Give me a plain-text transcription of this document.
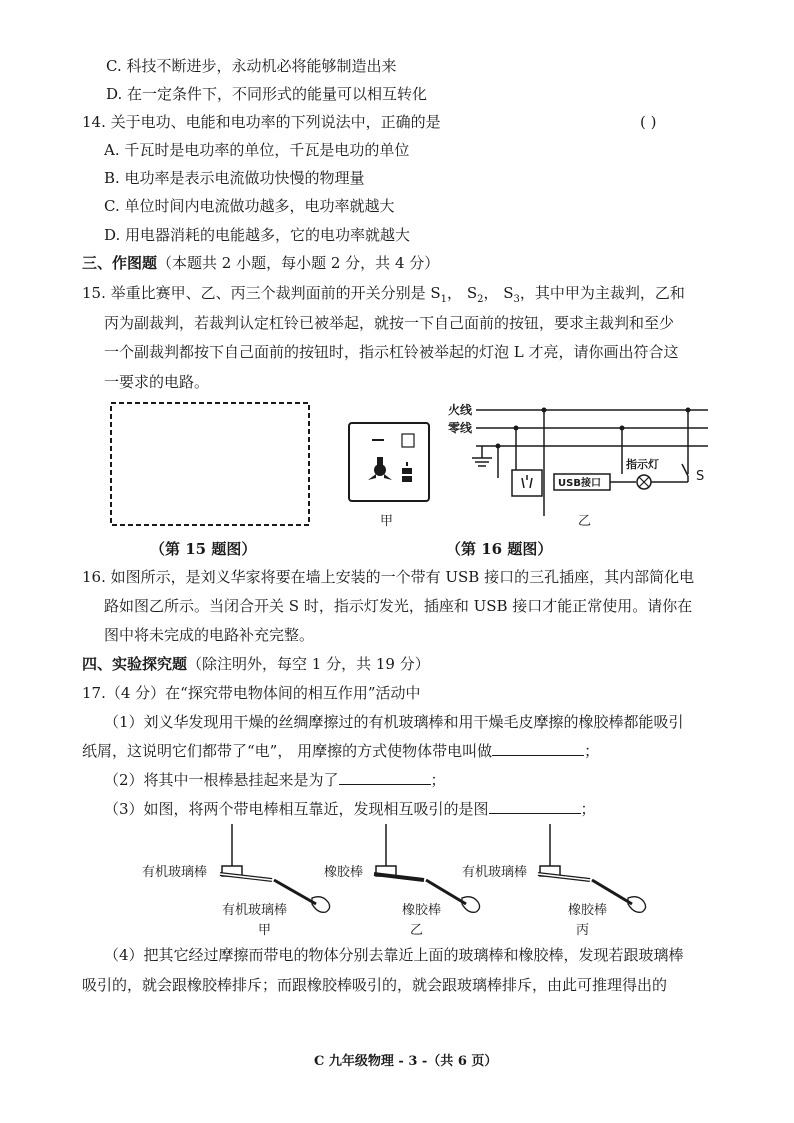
C. 科技不断进步，永动机必将能够制造出来
D. 在一定条件下，不同形式的能量可以相互转化
14. 关于电功、电能和电功率的下列说法中，正确的是	( )
A. 千瓦时是电功率的单位，千瓦是电功的单位
B. 电功率是表示电流做功快慢的物理量
C. 单位时间内电流做功越多，电功率就越大
D. 用电器消耗的电能越多，它的电功率就越大
三、作图题（本题共 2 小题，每小题 2 分，共 4 分）
15. 举重比赛甲、乙、丙三个裁判面前的开关分别是 $S_1$， $S_2$， $S_3$，其中甲为主裁判，乙和
丙为副裁判，若裁判认定杠铃已被举起，就按一下自己面前的按钮，要求主裁判和至少
一个副裁判都按下自己面前的按钮时，指示杠铃被举起的灯泡 L 才亮，请你画出符合这
一要求的电路。
甲
火线
零线
USB接口
指示灯
S
乙
（第 15 题图）	（第 16 题图）
16. 如图所示，是刘义华家将要在墙上安装的一个带有 USB 接口的三孔插座，其内部简化电
路如图乙所示。当闭合开关 S 时，指示灯发光，插座和 USB 接口才能正常使用。请你在
图中将未完成的电路补充完整。
四、实验探究题（除注明外，每空 1 分，共 19 分）
17.（4 分）在“探究带电物体间的相互作用”活动中
（1）刘义华发现用干燥的丝绸摩擦过的有机玻璃棒和用干燥毛皮摩擦的橡胶棒都能吸引
纸屑，这说明它们都带了“电”， 用摩擦的方式使物体带电叫做	；
（2）将其中一根棒悬挂起来是为了	；
（3）如图，将两个带电棒相互靠近，发现相互吸引的是图	；
有机玻璃棒
有机玻璃棒
甲
橡胶棒
橡胶棒
乙
有机玻璃棒
橡胶棒
丙
（4）把其它经过摩擦而带电的物体分别去靠近上面的玻璃棒和橡胶棒，发现若跟玻璃棒
吸引的，就会跟橡胶棒排斥；而跟橡胶棒吸引的，就会跟玻璃棒排斥，由此可推理得出的
C 九年级物理 - 3 -（共 6 页）
